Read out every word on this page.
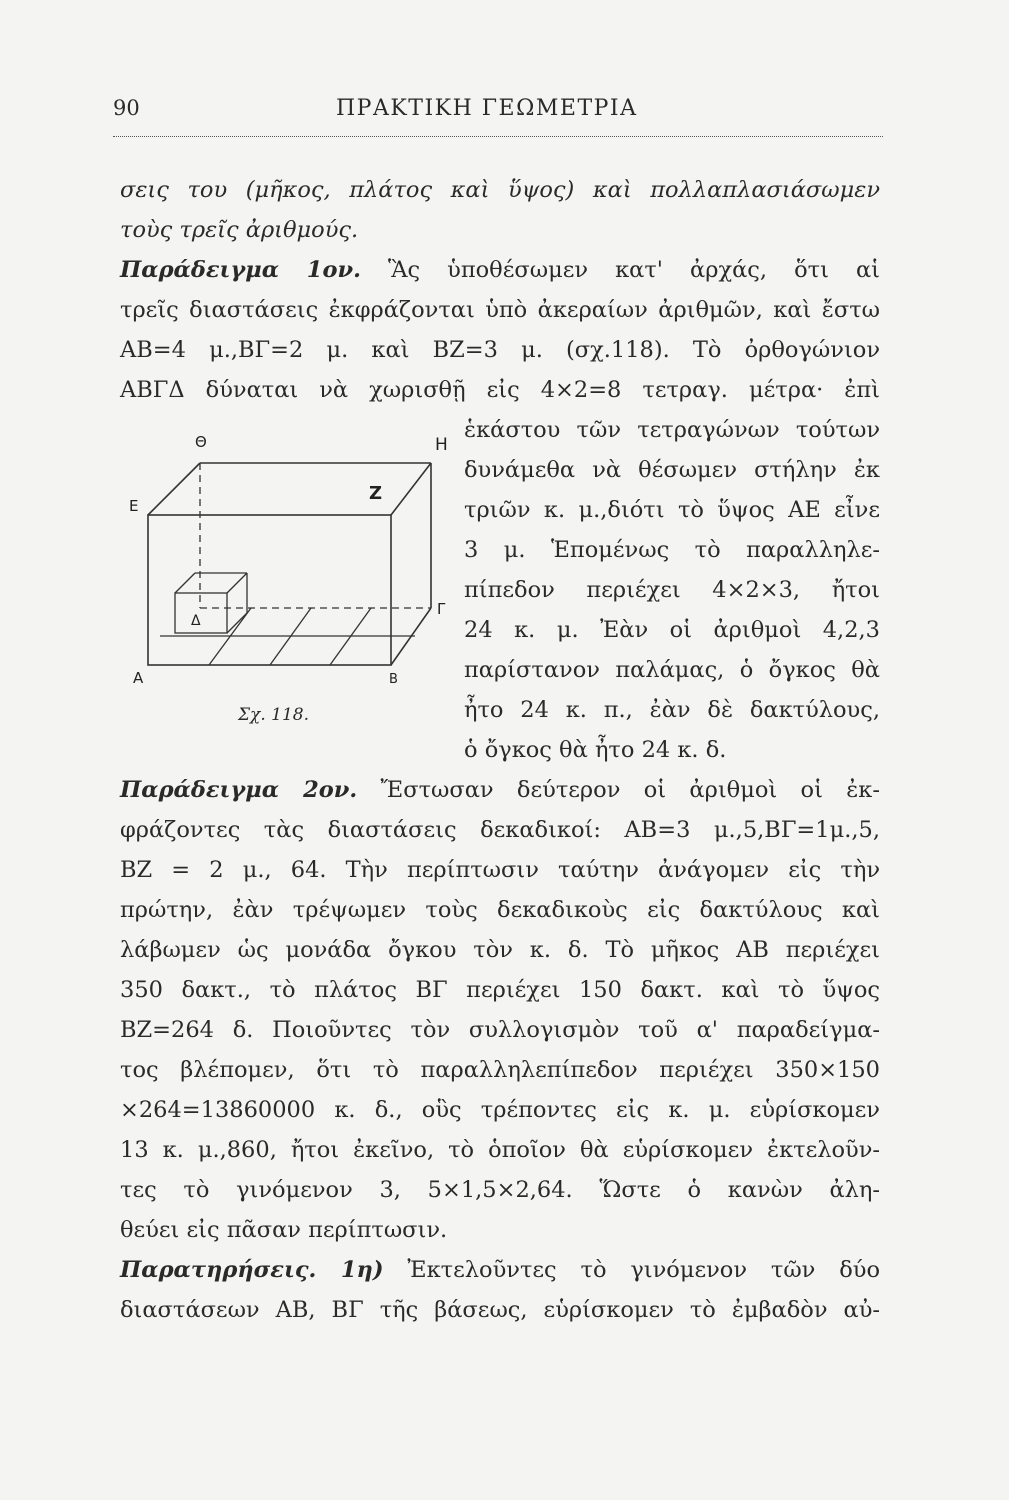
90	ΠΡΑΚΤΙΚΗ ΓΕΩΜΕΤΡΙΑ
σεις του (μῆκος, πλάτος καὶ ὕψος) καὶ πολλαπλασιάσωμεν
τοὺς τρεῖς ἀριθμούς.
Παράδειγμα 1ον. Ἃς ὑποθέσωμεν κατ' ἀρχάς, ὅτι αἱ
τρεῖς διαστάσεις ἐκφράζονται ὑπὸ ἀκεραίων ἀριθμῶν, καὶ ἔστω
ΑΒ=4 μ.,ΒΓ=2 μ. καὶ ΒΖ=3 μ. (σχ.118). Τὸ ὀρθογώνιον
ΑΒΓΔ δύναται νὰ χωρισθῇ εἰς 4×2=8 τετραγ. μέτρα· ἐπὶ
ἑκάστου τῶν τετραγώνων τούτων
δυνάμεθα νὰ θέσωμεν στήλην ἐκ
τριῶν κ. μ.,διότι τὸ ὕψος ΑΕ εἶνε
3 μ. Ἑπομένως τὸ παραλληλε-
πίπεδον περιέχει 4×2×3, ἤτοι
24 κ. μ. Ἐὰν οἱ ἀριθμοὶ 4,2,3
παρίστανον παλάμας, ὁ ὄγκος θὰ
ἦτο 24 κ. π., ἐὰν δὲ δακτύλους,
ὁ ὄγκος θὰ ἦτο 24 κ. δ.
Θ	Η
Ε
Ζ
Γ
Δ
Α	Β
Σχ. 118.
Παράδειγμα 2ον. Ἔστωσαν δεύτερον οἱ ἀριθμοὶ οἱ ἐκ-
φράζοντες τὰς διαστάσεις δεκαδικοί: ΑΒ=3 μ.,5,ΒΓ=1μ.,5,
ΒΖ = 2 μ., 64. Τὴν περίπτωσιν ταύτην ἀνάγομεν εἰς τὴν
πρώτην, ἐὰν τρέψωμεν τοὺς δεκαδικοὺς εἰς δακτύλους καὶ
λάβωμεν ὡς μονάδα ὄγκου τὸν κ. δ. Τὸ μῆκος ΑΒ περιέχει
350 δακτ., τὸ πλάτος ΒΓ περιέχει 150 δακτ. καὶ τὸ ὕψος
ΒΖ=264 δ. Ποιοῦντες τὸν συλλογισμὸν τοῦ α' παραδείγμα-
τος βλέπομεν, ὅτι τὸ παραλληλεπίπεδον περιέχει 350×150
×264=13860000 κ. δ., οὓς τρέποντες εἰς κ. μ. εὑρίσκομεν
13 κ. μ.,860, ἤτοι ἐκεῖνο, τὸ ὁποῖον θὰ εὑρίσκομεν ἐκτελοῦν-
τες τὸ γινόμενον 3, 5×1,5×2,64. Ὥστε ὁ κανὼν ἀλη-
θεύει εἰς πᾶσαν περίπτωσιν.
Παρατηρήσεις. 1η) Ἐκτελοῦντες τὸ γινόμενον τῶν δύο
διαστάσεων ΑΒ, ΒΓ τῆς βάσεως, εὑρίσκομεν τὸ ἐμβαδὸν αὐ-
